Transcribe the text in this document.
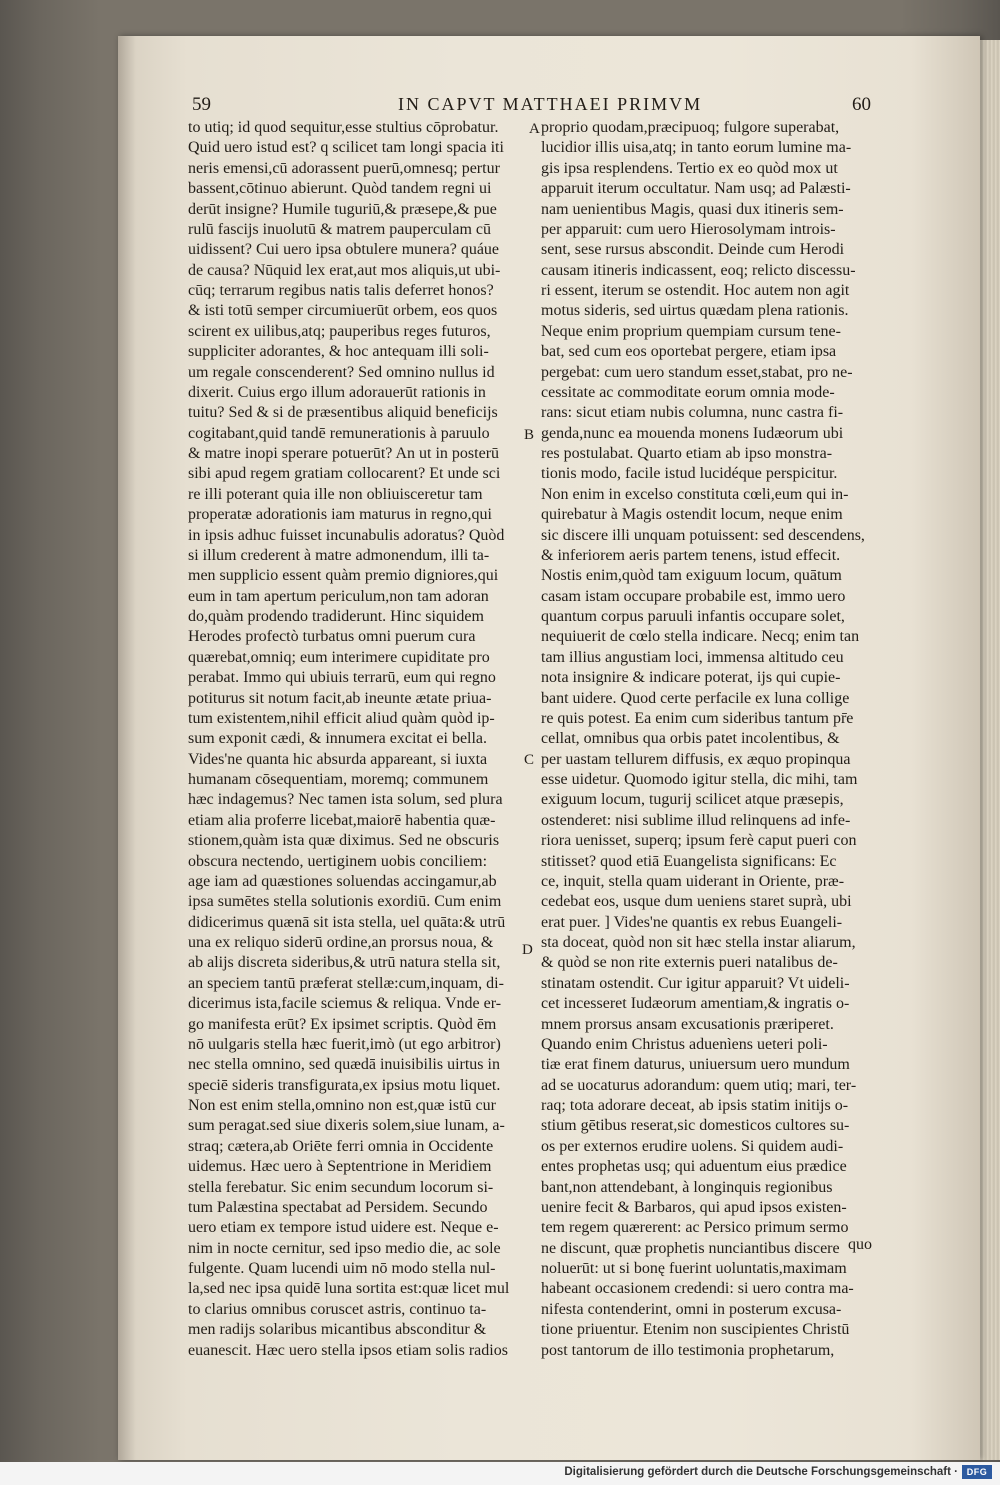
59	IN CAPVT MATTHAEI PRIMVM	60
to utiq; id quod sequitur,esse stultius cōprobatur.
Quid uero istud est? q scilicet tam longi spacia iti
neris emensi,cū adorassent puerū,omnesq; pertur
bassent,cōtinuo abierunt. Quòd tandem regni ui
derūt insigne? Humile tuguriū,& præsepe,& pue
rulū fascijs inuolutū & matrem pauperculam cū
uidissent? Cui uero ipsa obtulere munera? quáue
de causa? Nūquid lex erat,aut mos aliquis,ut ubi-
cūq; terrarum regibus natis talis deferret honos?
& isti totū semper circumiuerūt orbem, eos quos
scirent ex uilibus,atq; pauperibus reges futuros,
suppliciter adorantes, & hoc antequam illi soli-
um regale conscenderent? Sed omnino nullus id
dixerit. Cuius ergo illum adorauerūt rationis in
tuitu? Sed & si de præsentibus aliquid beneficijs
cogitabant,quid tandē remunerationis à paruulo
& matre inopi sperare potuerūt? An ut in posterū
sibi apud regem gratiam collocarent? Et unde sci
re illi poterant quia ille non obliuisceretur tam
properatæ adorationis iam maturus in regno,qui
in ipsis adhuc fuisset incunabulis adoratus? Quòd
si illum crederent à matre admonendum, illi ta-
men supplicio essent quàm premio digniores,qui
eum in tam apertum periculum,non tam adoran
do,quàm prodendo tradiderunt. Hinc siquidem
Herodes profectò turbatus omni puerum cura
quærebat,omniq; eum interimere cupiditate pro
perabat. Immo qui ubiuis terrarū, eum qui regno
potiturus sit notum facit,ab ineunte ætate priua-
tum existentem,nihil efficit aliud quàm quòd ip-
sum exponit cædi, & innumera excitat ei bella.
Vides'ne quanta hic absurda appareant, si iuxta
humanam cōsequentiam, moremq; communem
hæc indagemus? Nec tamen ista solum, sed plura
etiam alia proferre licebat,maiorē habentia quæ-
stionem,quàm ista quæ diximus. Sed ne obscuris
obscura nectendo, uertiginem uobis conciliem:
age iam ad quæstiones soluendas accingamur,ab
ipsa sumētes stella solutionis exordiū. Cum enim
didicerimus quænā sit ista stella, uel quāta:& utrū
una ex reliquo siderū ordine,an prorsus noua, &
ab alijs discreta sideribus,& utrū natura stella sit,
an speciem tantū præferat stellæ:cum,inquam, di-
dicerimus ista,facile sciemus & reliqua. Vnde er-
go manifesta erūt? Ex ipsimet scriptis. Quòd ēm
nō uulgaris stella hæc fuerit,imò (ut ego arbitror)
nec stella omnino, sed quædā inuisibilis uirtus in
speciē sideris transfigurata,ex ipsius motu liquet.
Non est enim stella,omnino non est,quæ istū cur
sum peragat.sed siue dixeris solem,siue lunam, a-
straq; cætera,ab Oriēte ferri omnia in Occidente
uidemus. Hæc uero à Septentrione in Meridiem
stella ferebatur. Sic enim secundum locorum si-
tum Palæstina spectabat ad Persidem. Secundo
uero etiam ex tempore istud uidere est. Neque e-
nim in nocte cernitur, sed ipso medio die, ac sole
fulgente. Quam lucendi uim nō modo stella nul-
la,sed nec ipsa quidē luna sortita est:quæ licet mul
to clarius omnibus coruscet astris, continuo ta-
men radijs solaribus micantibus absconditur &
euanescit. Hæc uero stella ipsos etiam solis radios
proprio quodam,præcipuoq; fulgore superabat,
lucidior illis uisa,atq; in tanto eorum lumine ma-
gis ipsa resplendens. Tertio ex eo quòd mox ut
apparuit iterum occultatur. Nam usq; ad Palæsti-
nam uenientibus Magis, quasi dux itineris sem-
per apparuit: cum uero Hierosolymam introis-
sent, sese rursus abscondit. Deinde cum Herodi
causam itineris indicassent, eoq; relicto discessu-
ri essent, iterum se ostendit. Hoc autem non agit
motus sideris, sed uirtus quædam plena rationis.
Neque enim proprium quempiam cursum tene-
bat, sed cum eos oportebat pergere, etiam ipsa
pergebat: cum uero standum esset,stabat, pro ne-
cessitate ac commoditate eorum omnia mode-
rans: sicut etiam nubis columna, nunc castra fi-
genda,nunc ea mouenda monens Iudæorum ubi
res postulabat. Quarto etiam ab ipso monstra-
tionis modo, facile istud lucidéque perspicitur.
Non enim in excelso constituta cœli,eum qui in-
quirebatur à Magis ostendit locum, neque enim
sic discere illi unquam potuissent: sed descendens,
& inferiorem aeris partem tenens, istud effecit.
Nostis enim,quòd tam exiguum locum, quātum
casam istam occupare probabile est, immo uero
quantum corpus paruuli infantis occupare solet,
nequiuerit de cœlo stella indicare. Necq; enim tan
tam illius angustiam loci, immensa altitudo ceu
nota insignire & indicare poterat, ijs qui cupie-
bant uidere. Quod certe perfacile ex luna collige
re quis potest. Ea enim cum sideribus tantum pr̄e
cellat, omnibus qua orbis patet incolentibus, &
per uastam tellurem diffusis, ex æquo propinqua
esse uidetur. Quomodo igitur stella, dic mihi, tam
exiguum locum, tugurij scilicet atque præsepis,
ostenderet: nisi sublime illud relinquens ad infe-
riora uenisset, superq; ipsum ferè caput pueri con
stitisset? quod etiā Euangelista significans: Ec
ce, inquit, stella quam uiderant in Oriente, præ-
cedebat eos, usque dum ueniens staret suprà, ubi
erat puer. ] Vides'ne quantis ex rebus Euangeli-
sta doceat, quòd non sit hæc stella instar aliarum,
& quòd se non rite externis pueri natalibus de-
stinatam ostendit. Cur igitur apparuit? Vt uideli-
cet incesseret Iudæorum amentiam,& ingratis o-
mnem prorsus ansam excusationis præriperet.
Quando enim Christus aduenìens ueteri poli-
tiæ erat finem daturus, uniuersum uero mundum
ad se uocaturus adorandum: quem utiq; mari, ter-
raq; tota adorare deceat, ab ipsis statim initijs o-
stium gētibus reserat,sic domesticos cultores su-
os per externos erudire uolens. Si quidem audi-
entes prophetas usq; qui aduentum eius prædice
bant,non attendebant, à longinquis regionibus
uenire fecit & Barbaros, qui apud ipsos existen-
tem regem quærerent: ac Persico primum sermo
ne discunt, quæ prophetis nunciantibus discere
noluerūt: ut si bonę fuerint uoluntatis,maximam
habeant occasionem credendi: si uero contra ma-
nifesta contenderint, omni in posterum excusa-
tione priuentur. Etenim non suscipientes Christū
post tantorum de illo testimonia prophetarum,
A
B
C
D
quo
Digitalisierung gefördert durch die Deutsche Forschungsgemeinschaft · DFG
